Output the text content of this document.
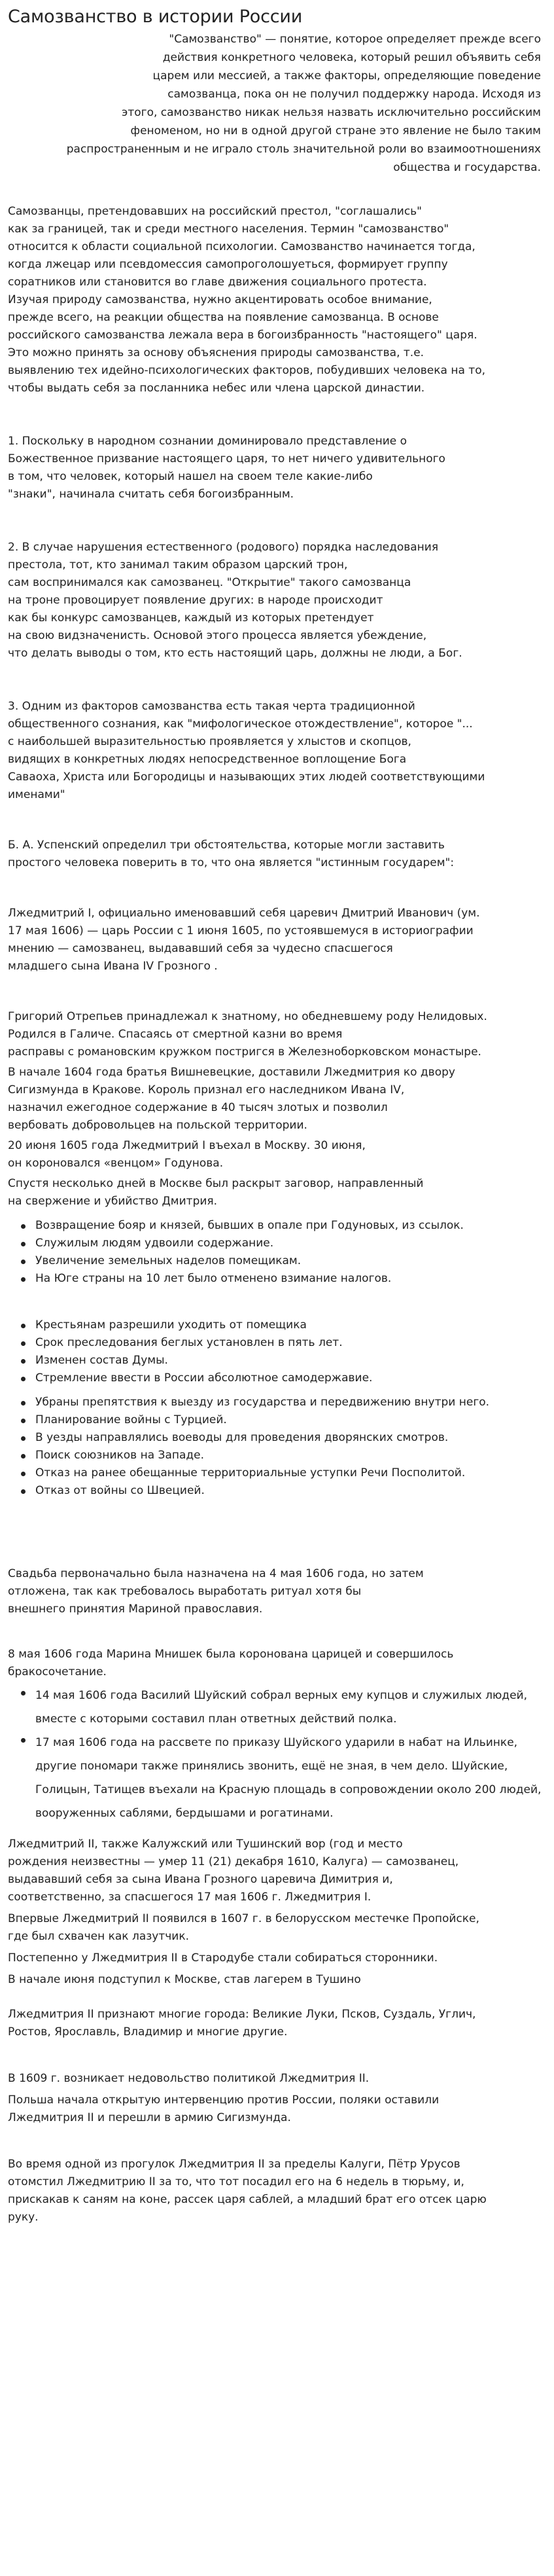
Самозванство в истории России

"Самозванство" — понятие, которое определяет прежде всего
действия конкретного человека, который решил объявить себя
царем или мессией, а также факторы, определяющие поведение
самозванца, пока он не получил поддержку народа. Исходя из
этого, самозванство никак нельзя назвать исключительно российским
феноменом, но ни в одной другой стране это явление не было таким
распространенным и не играло столь значительной роли во взаимоотношениях
общества и государства.

Самозванцы, претендовавших на российский престол, "соглашались"
как за границей, так и среди местного населения. Термин "самозванство"
относится к области социальной психологии. Самозванство начинается тогда,
когда лжецар или псевдомессия самопроголошуеться, формирует группу
соратников или становится во главе движения социального протеста.
Изучая природу самозванства, нужно акцентировать особое внимание,
прежде всего, на реакции общества на появление самозванца. В основе
российского самозванства лежала вера в богоизбранность "настоящего" царя.
Это можно принять за основу объяснения природы самозванства, т.е.
выявлению тех идейно-психологических факторов, побудивших человека на то,
чтобы выдать себя за посланника небес или члена царской династии.

1. Поскольку в народном сознании доминировало представление о
Божественное призвание настоящего царя, то нет ничего удивительного
в том, что человек, который нашел на своем теле какие-либо
"знаки", начинала считать себя богоизбранным.

2. В случае нарушения естественного (родового) порядка наследования
престола, тот, кто занимал таким образом царский трон,
сам воспринимался как самозванец. "Открытие" такого самозванца
на троне провоцирует появление других: в народе происходит
как бы конкурс самозванцев, каждый из которых претендует
на свою видзначенисть. Основой этого процесса является убеждение,
что делать выводы о том, кто есть настоящий царь, должны не люди, а Бог.

3. Одним из факторов самозванства есть такая черта традиционной
общественного сознания, как "мифологическое отождествление", которое "...
с наибольшей выразительностью проявляется у хлыстов и скопцов,
видящих в конкретных людях непосредственное воплощение Бога
Саваоха, Христа или Богородицы и называющих этих людей соответствующими
именами"

Б. А. Успенский определил три обстоятельства, которые могли заставить
простого человека поверить в то, что она является "истинным государем":

Лжедмитрий I, официально именовавший себя царевич Дмитрий Иванович (ум.
17 мая 1606) — царь России с 1 июня 1605, по устоявшемуся в историографии
мнению — самозванец, выдававший себя за чудесно спасшегося
младшего сына Ивана IV Грозного .

Григорий Отрепьев принадлежал к знатному, но обедневшему роду Нелидовых.
Родился в Галиче. Спасаясь от смертной казни во время
расправы с романовским кружком постригся в Железноборковском монастыре.

В начале 1604 года братья Вишневецкие, доставили Лжедмитрия ко двору
Сигизмунда в Кракове. Король признал его наследником Ивана IV,
назначил ежегодное содержание в 40 тысяч злотых и позволил
вербовать добровольцев на польской территории.

20 июня 1605 года Лжедмитрий I въехал в Москву. 30 июня,
он короновался «венцом» Годунова.

Спустя несколько дней в Москве был раскрыт заговор, направленный
на свержение и убийство Дмитрия.

Возвращение бояр и князей, бывших в опале при Годуновых, из ссылок.
Служилым людям удвоили содержание.
Увеличение земельных наделов помещикам.
На Юге страны на 10 лет было отменено взимание налогов.
Крестьянам разрешили уходить от помещика
Срок преследования беглых установлен в пять лет.
Изменен состав Думы.
Стремление ввести в России абсолютное самодержавие.
Убраны препятствия к выезду из государства и передвижению внутри него.
Планирование войны с Турцией.
В уезды направлялись воеводы для проведения дворянских смотров.
Поиск союзников на Западе.
Отказ на ранее обещанные территориальные уступки Речи Посполитой.
Отказ от войны со Швецией.

Свадьба первоначально была назначена на 4 мая 1606 года, но затем
отложена, так как требовалось выработать ритуал хотя бы
внешнего принятия Мариной православия.

8 мая 1606 года Марина Мнишек была коронована царицей и совершилось
бракосочетание.

14 мая 1606 года Василий Шуйский собрал верных ему купцов и служилых людей, вместе с которыми составил план ответных действий полка.
17 мая 1606 года на рассвете по приказу Шуйского ударили в набат на Ильинке, другие пономари также принялись звонить, ещё не зная, в чем дело. Шуйские, Голицын, Татищев въехали на Красную площадь в сопровождении около 200 людей, вооруженных саблями, бердышами и рогатинами.

Лжедмитрий II, также Калужский или Тушинский вор (год и место
рождения неизвестны — умер 11 (21) декабря 1610, Калуга) — самозванец,
выдававший себя за сына Ивана Грозного царевича Димитрия и,
соответственно, за спасшегося 17 мая 1606 г. Лжедмитрия I.

Впервые Лжедмитрий II появился в 1607 г. в белорусском местечке Пропойске,
где был схвачен как лазутчик.

Постепенно у Лжедмитрия II в Стародубе стали собираться сторонники.

В начале июня подступил к Москве, став лагерем в Тушино

Лжедмитрия II признают многие города: Великие Луки, Псков, Суздаль, Углич,
Ростов, Ярославль, Владимир и многие другие.

В 1609 г. возникает недовольство политикой Лжедмитрия II.

Польша начала открытую интервенцию против России, поляки оставили
Лжедмитрия II и перешли в армию Сигизмунда.

Во время одной из прогулок Лжедмитрия II за пределы Калуги, Пётр Урусов
отомстил Лжедмитрию II за то, что тот посадил его на 6 недель в тюрьму, и,
прискакав к саням на коне, рассек царя саблей, а младший брат его отсек царю
руку.
